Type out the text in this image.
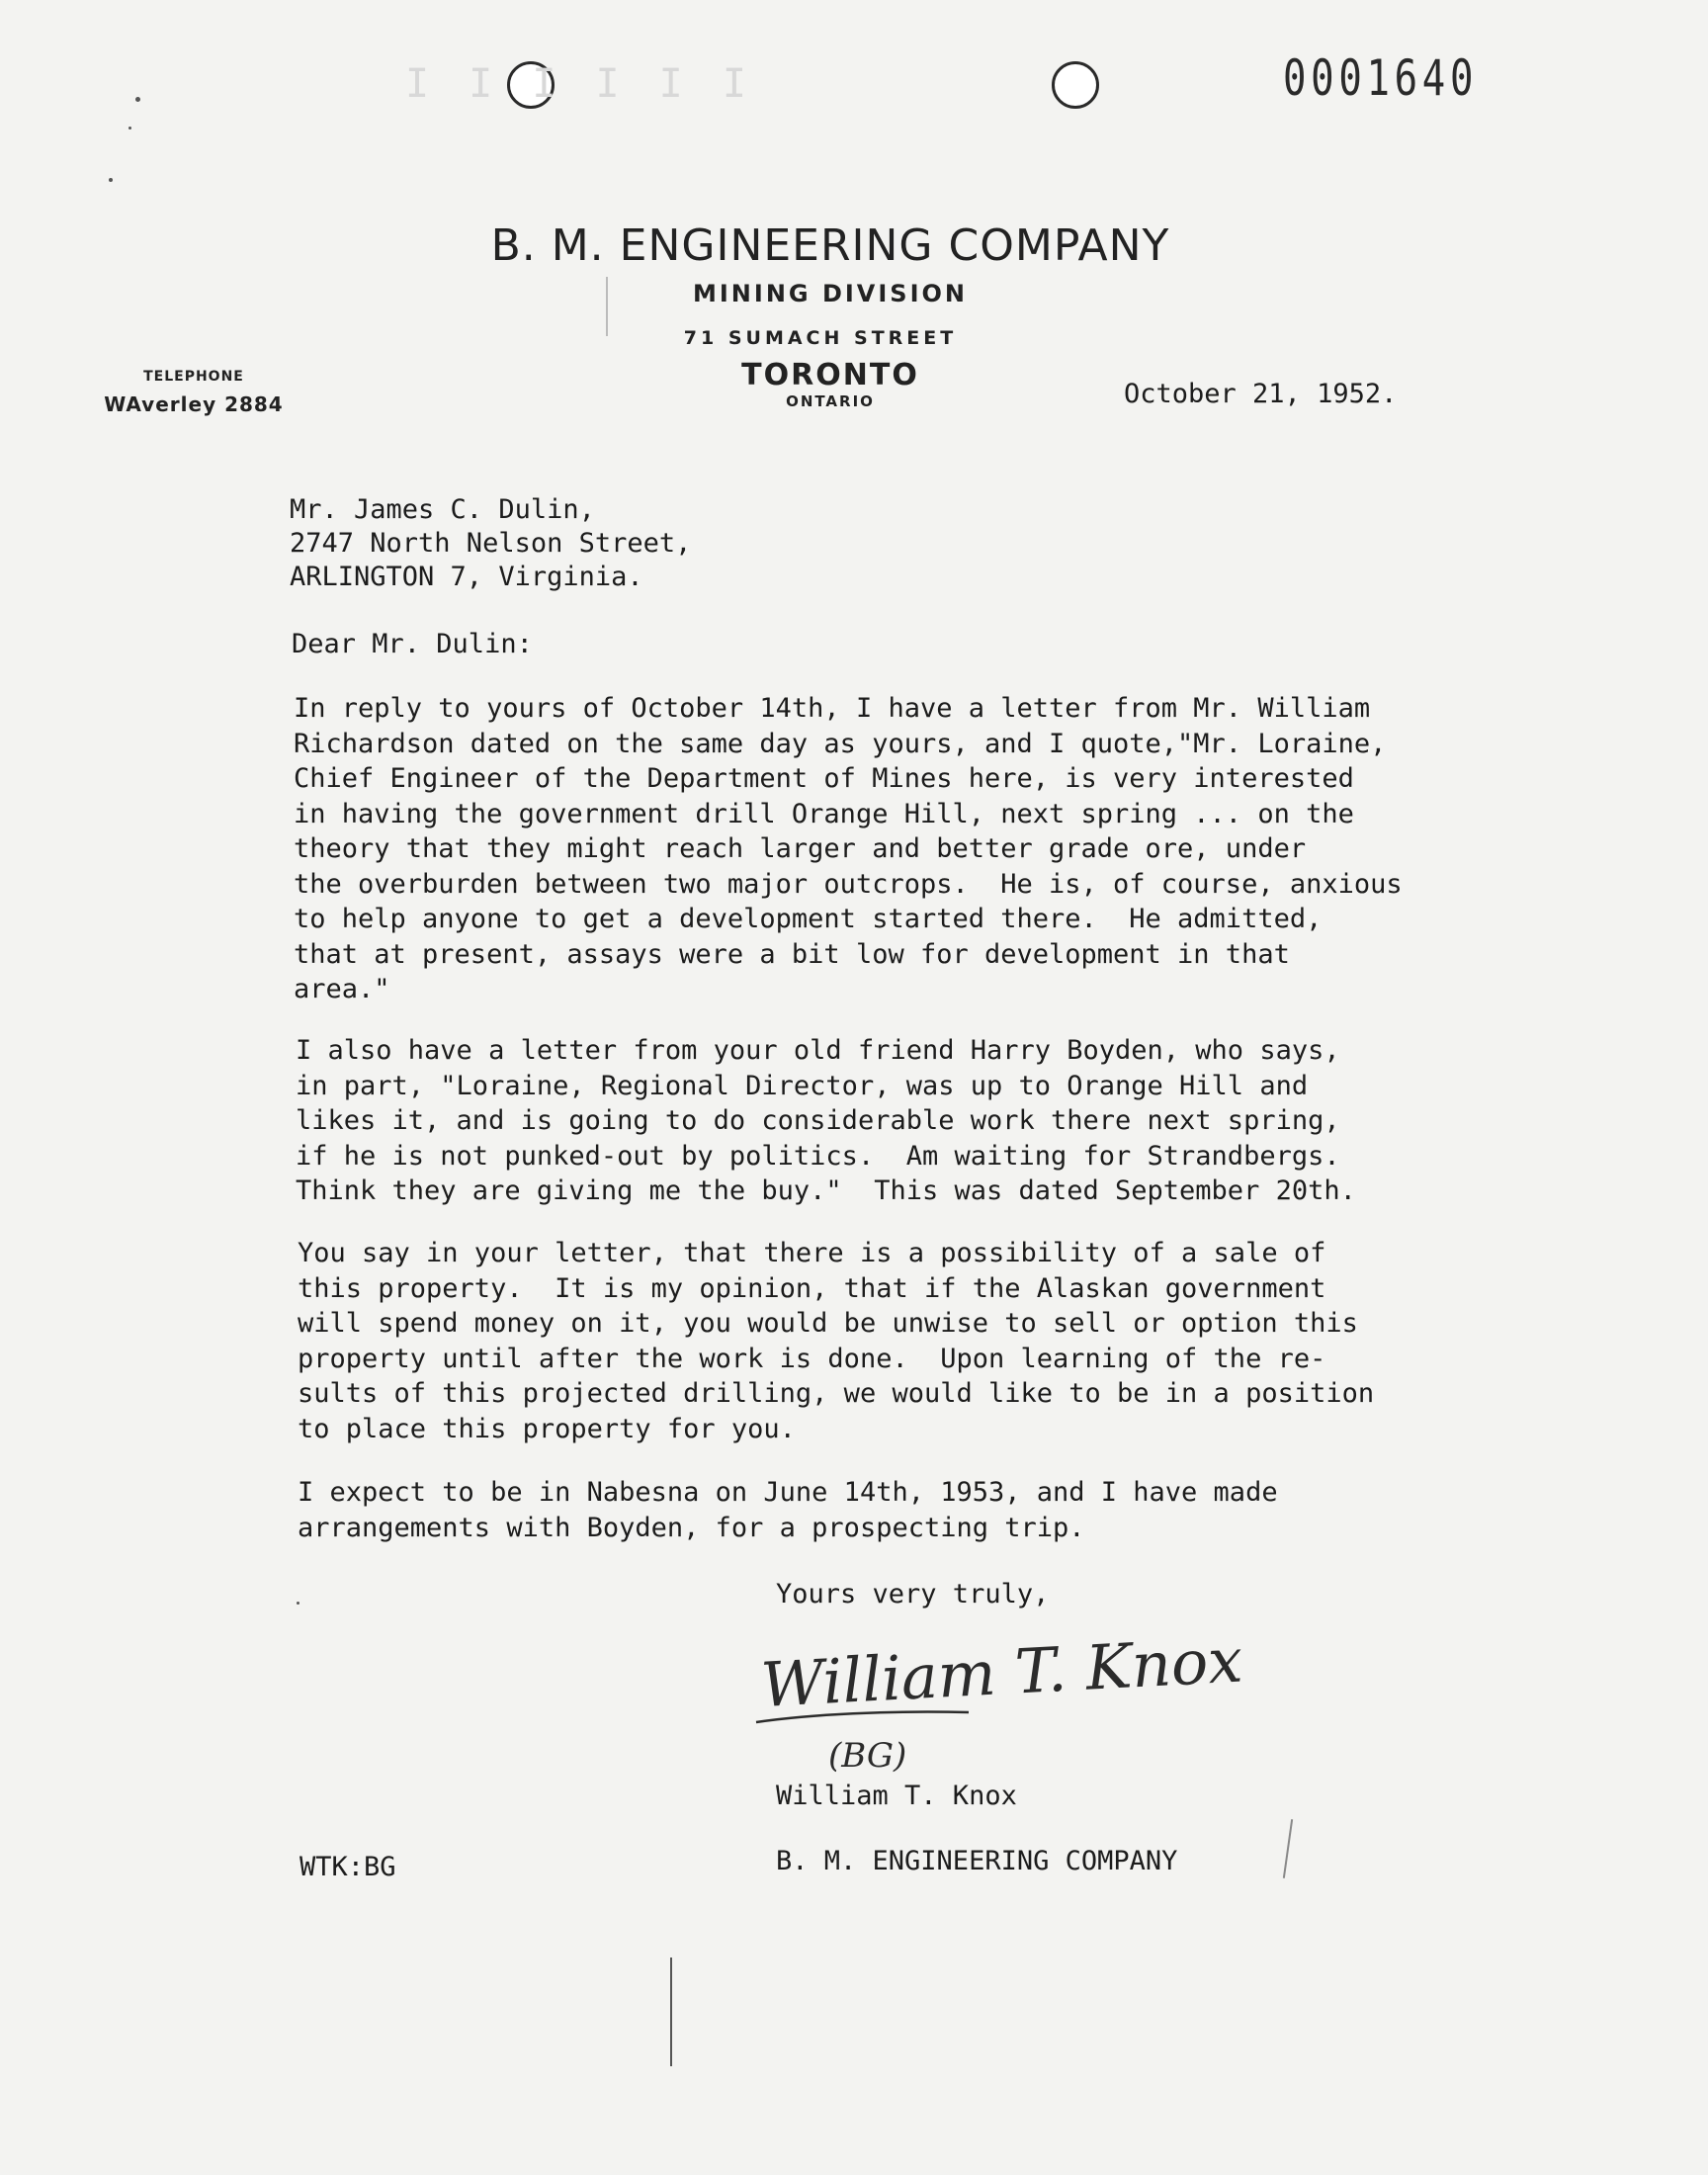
I I I I I I	0001640
B. M. ENGINEERING COMPANY
MINING DIVISION
71 SUMACH STREET
TORONTO
ONTARIO
TELEPHONE
WAverley 2884	October 21, 1952.
Mr. James C. Dulin,
2747 North Nelson Street,
ARLINGTON 7, Virginia.
Dear Mr. Dulin:
In reply to yours of October 14th, I have a letter from Mr. William
Richardson dated on the same day as yours, and I quote,"Mr. Loraine,
Chief Engineer of the Department of Mines here, is very interested
in having the government drill Orange Hill, next spring ... on the
theory that they might reach larger and better grade ore, under
the overburden between two major outcrops.  He is, of course, anxious
to help anyone to get a development started there.  He admitted,
that at present, assays were a bit low for development in that
area."
I also have a letter from your old friend Harry Boyden, who says,
in part, "Loraine, Regional Director, was up to Orange Hill and
likes it, and is going to do considerable work there next spring,
if he is not punked-out by politics.  Am waiting for Strandbergs.
Think they are giving me the buy."  This was dated September 20th.
You say in your letter, that there is a possibility of a sale of
this property.  It is my opinion, that if the Alaskan government
will spend money on it, you would be unwise to sell or option this
property until after the work is done.  Upon learning of the re-
sults of this projected drilling, we would like to be in a position
to place this property for you.
I expect to be in Nabesna on June 14th, 1953, and I have made
arrangements with Boyden, for a prospecting trip.
Yours very truly,
William T. Knox
(BG)
William T. Knox
B. M. ENGINEERING COMPANY
WTK:BG
